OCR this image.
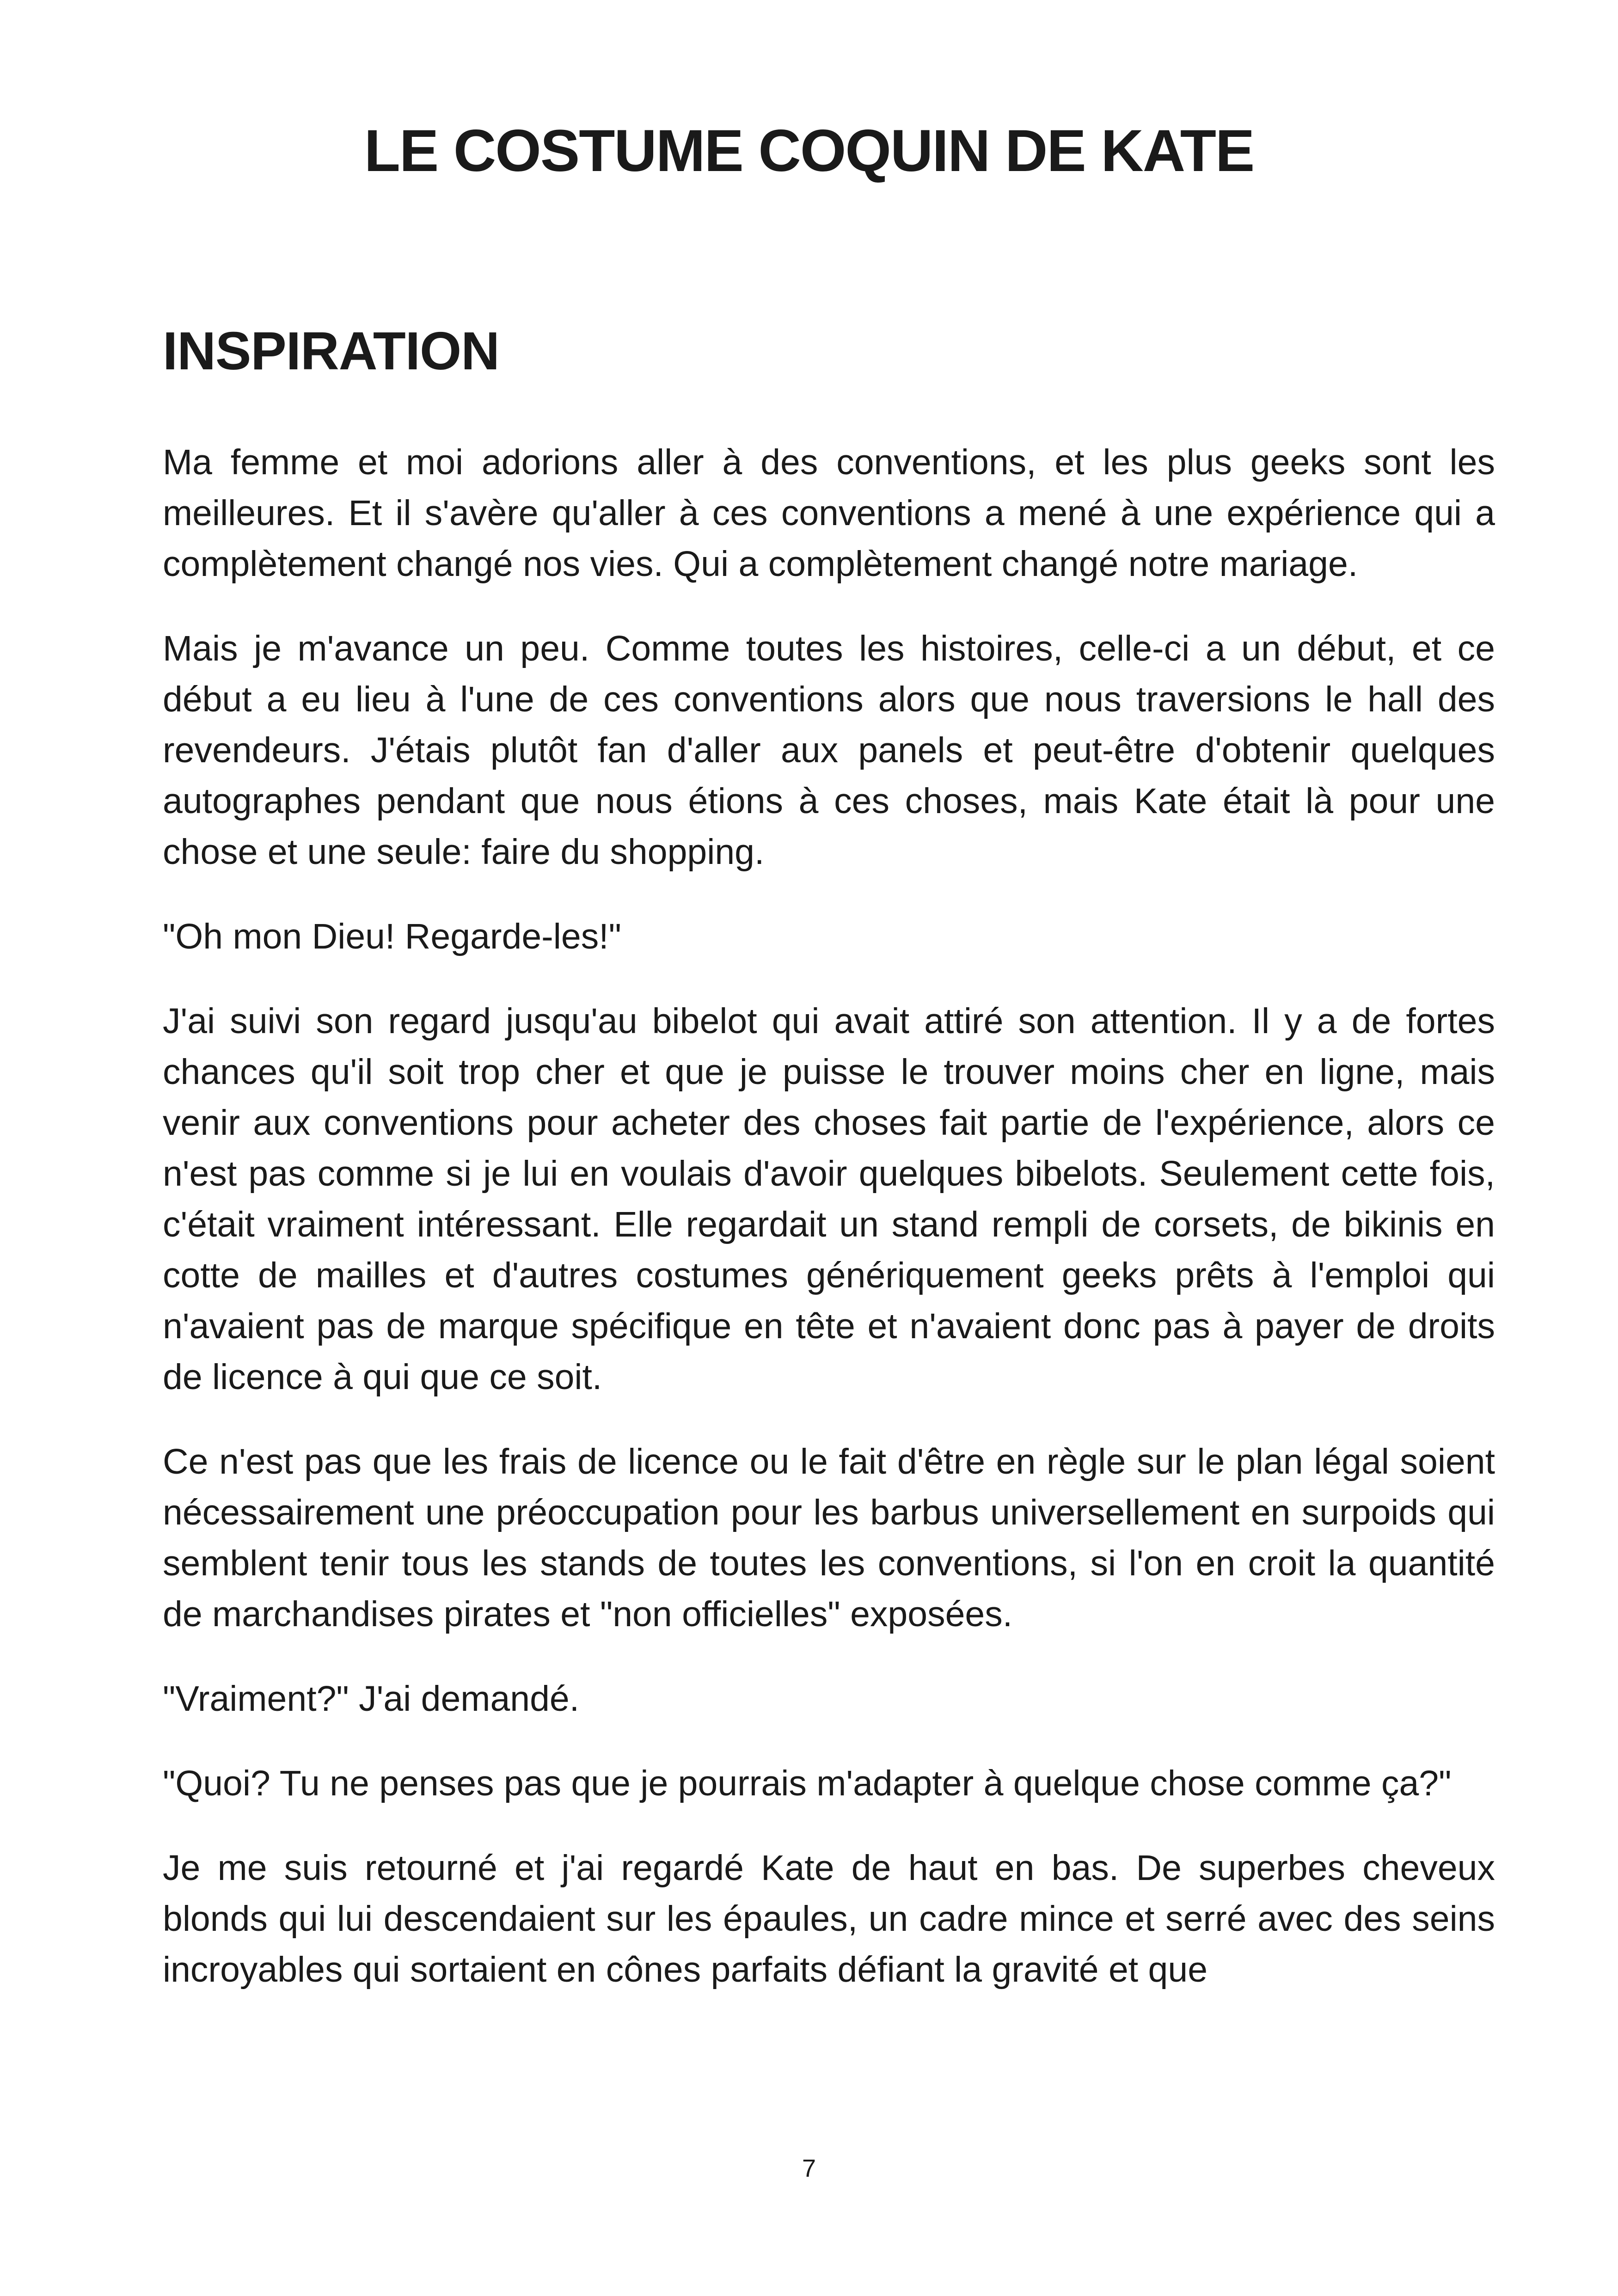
LE COSTUME COQUIN DE KATE
INSPIRATION

Ma femme et moi adorions aller à des conventions, et les plus geeks sont les meilleures. Et il s'avère qu'aller à ces conventions a mené à une expérience qui a complètement changé nos vies. Qui a complètement changé notre mariage.

Mais je m'avance un peu. Comme toutes les histoires, celle-ci a un début, et ce début a eu lieu à l'une de ces conventions alors que nous traversions le hall des revendeurs. J'étais plutôt fan d'aller aux panels et peut-être d'obtenir quelques autographes pendant que nous étions à ces choses, mais Kate était là pour une chose et une seule: faire du shopping.

"Oh mon Dieu! Regarde-les!"

J'ai suivi son regard jusqu'au bibelot qui avait attiré son attention. Il y a de fortes chances qu'il soit trop cher et que je puisse le trouver moins cher en ligne, mais venir aux conventions pour acheter des choses fait partie de l'expérience, alors ce n'est pas comme si je lui en voulais d'avoir quelques bibelots. Seulement cette fois, c'était vraiment intéressant. Elle regardait un stand rempli de corsets, de bikinis en cotte de mailles et d'autres costumes génériquement geeks prêts à l'emploi qui n'avaient pas de marque spécifique en tête et n'avaient donc pas à payer de droits de licence à qui que ce soit.

Ce n'est pas que les frais de licence ou le fait d'être en règle sur le plan légal soient nécessairement une préoccupation pour les barbus universellement en surpoids qui semblent tenir tous les stands de toutes les conventions, si l'on en croit la quantité de marchandises pirates et "non officielles" exposées.

"Vraiment?" J'ai demandé.

"Quoi? Tu ne penses pas que je pourrais m'adapter à quelque chose comme ça?"

Je me suis retourné et j'ai regardé Kate de haut en bas. De superbes cheveux blonds qui lui descendaient sur les épaules, un cadre mince et serré avec des seins incroyables qui sortaient en cônes parfaits défiant la gravité et que

7
